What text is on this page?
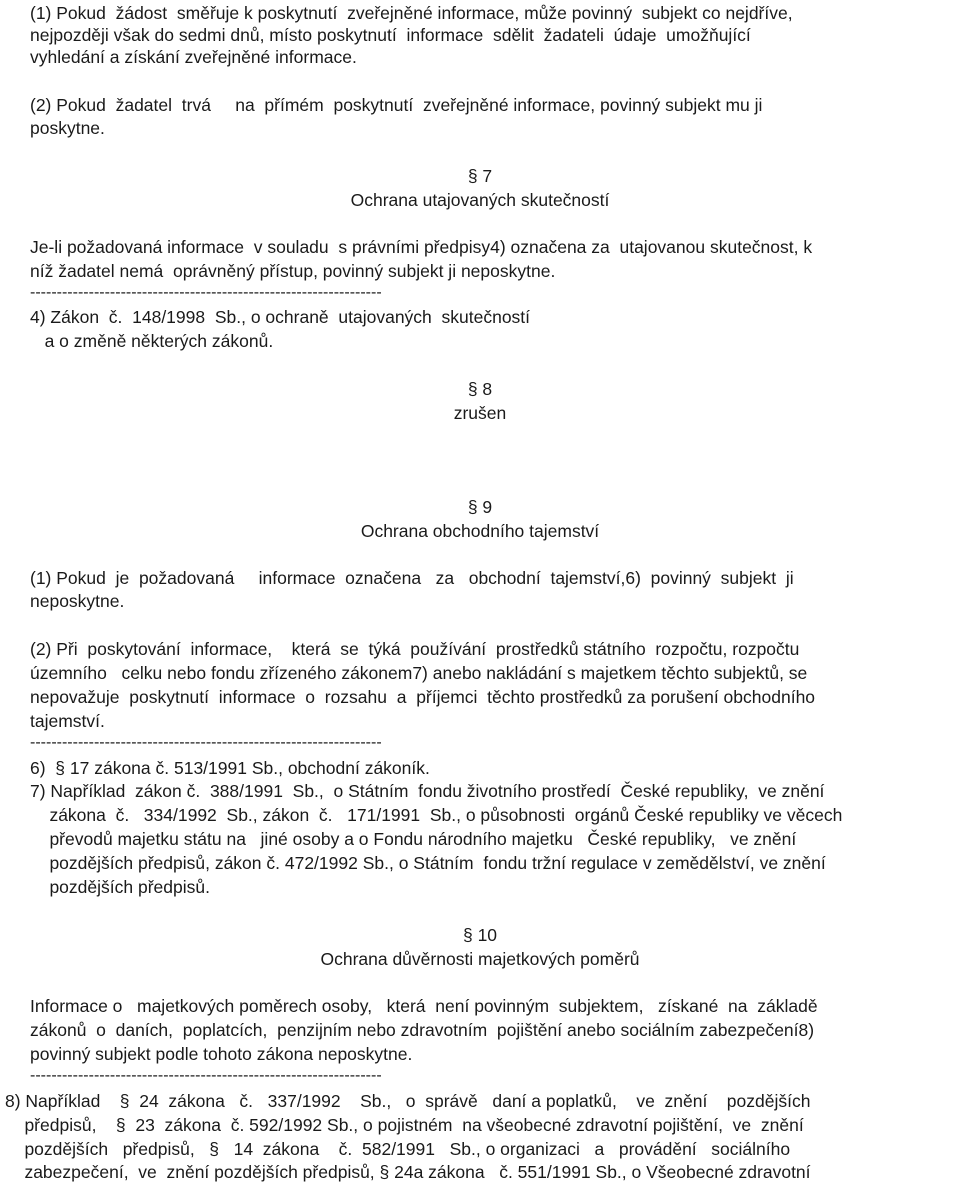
(1) Pokud  žádost  směřuje k poskytnutí  zveřejněné informace, může povinný  subjekt co nejdříve,
nejpozději však do sedmi dnů, místo poskytnutí  informace  sdělit  žadateli  údaje  umožňující
vyhledání a získání zveřejněné informace.
(2) Pokud  žadatel  trvá     na  přímém  poskytnutí  zveřejněné informace, povinný subjekt mu ji
poskytne.
§ 7
Ochrana utajovaných skutečností
Je-li požadovaná informace  v souladu  s právními předpisy4) označena za  utajovanou skutečnost, k
níž žadatel nemá  oprávněný přístup, povinný subjekt ji neposkytne.
------------------------------------------------------------------
4) Zákon  č.  148/1998  Sb., o ochraně  utajovaných  skutečností
a o změně některých zákonů.
§ 8
zrušen
§ 9
Ochrana obchodního tajemství
(1) Pokud  je  požadovaná     informace  označena   za   obchodní  tajemství,6)  povinný  subjekt  ji
neposkytne.
(2) Při  poskytování  informace,    která  se  týká  používání  prostředků státního  rozpočtu, rozpočtu
územního   celku nebo fondu zřízeného zákonem7) anebo nakládání s majetkem těchto subjektů, se
nepovažuje  poskytnutí  informace  o  rozsahu  a  příjemci  těchto prostředků za porušení obchodního
tajemství.
------------------------------------------------------------------
6)  § 17 zákona č. 513/1991 Sb., obchodní zákoník.
7) Například  zákon č.  388/1991  Sb.,  o Státním  fondu životního prostředí  České republiky,  ve znění
zákona  č.   334/1992  Sb., zákon  č.   171/1991  Sb., o působnosti  orgánů České republiky ve věcech
převodů majetku státu na   jiné osoby a o Fondu národního majetku   České republiky,   ve znění
pozdějších předpisů, zákon č. 472/1992 Sb., o Státním  fondu tržní regulace v zemědělství, ve znění
pozdějších předpisů.
§ 10
Ochrana důvěrnosti majetkových poměrů
Informace o   majetkových poměrech osoby,   která  není povinným  subjektem,   získané  na  základě
zákonů  o  daních,  poplatcích,  penzijním nebo zdravotním  pojištění anebo sociálním zabezpečení8)
povinný subjekt podle tohoto zákona neposkytne.
------------------------------------------------------------------
8) Například    §  24  zákona   č.   337/1992    Sb.,   o  správě   daní a poplatků,    ve  znění    pozdějších
předpisů,    §  23  zákona  č. 592/1992 Sb., o pojistném  na všeobecné zdravotní pojištění,  ve  znění
pozdějších   předpisů,   §   14  zákona    č.  582/1991   Sb., o organizaci   a   provádění   sociálního
zabezpečení,  ve  znění pozdějších předpisů, § 24a zákona   č. 551/1991 Sb., o Všeobecné zdravotní
